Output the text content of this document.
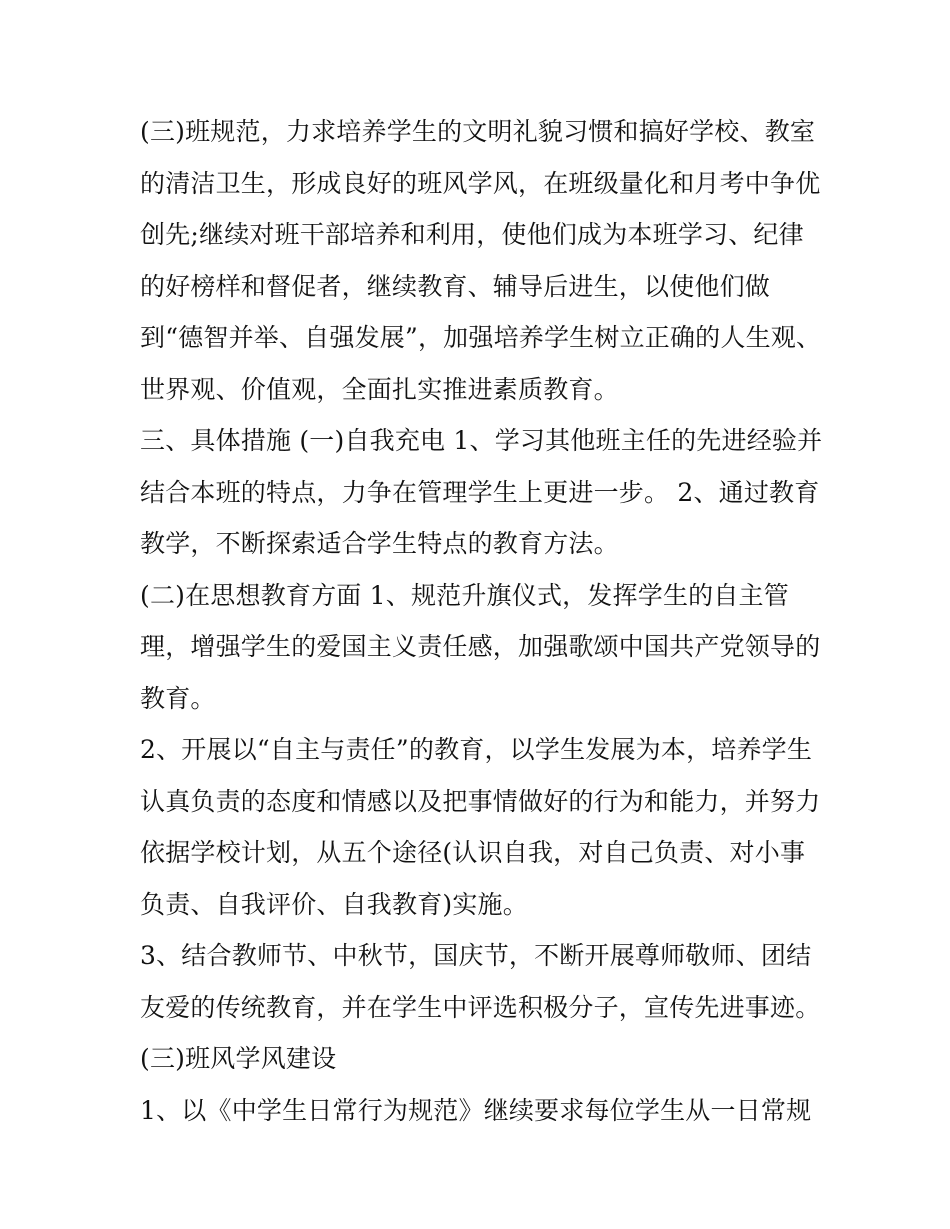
(三)班规范，力求培养学生的文明礼貌习惯和搞好学校、教室
的清洁卫生，形成良好的班风学风，在班级量化和月考中争优
创先;继续对班干部培养和利用，使他们成为本班学习、纪律
的好榜样和督促者，继续教育、辅导后进生，以使他们做
到“德智并举、自强发展”，加强培养学生树立正确的人生观、
世界观、价值观，全面扎实推进素质教育。
三、具体措施 (一)自我充电 1、学习其他班主任的先进经验并
结合本班的特点，力争在管理学生上更进一步。 2、通过教育
教学，不断探索适合学生特点的教育方法。
(二)在思想教育方面 1、规范升旗仪式，发挥学生的自主管
理，增强学生的爱国主义责任感，加强歌颂中国共产党领导的
教育。
2、开展以“自主与责任”的教育，以学生发展为本，培养学生
认真负责的态度和情感以及把事情做好的行为和能力，并努力
依据学校计划，从五个途径(认识自我，对自己负责、对小事
负责、自我评价、自我教育)实施。
3、结合教师节、中秋节，国庆节，不断开展尊师敬师、团结
友爱的传统教育，并在学生中评选积极分子，宣传先进事迹。
(三)班风学风建设
1、以《中学生日常行为规范》继续要求每位学生从一日常规
